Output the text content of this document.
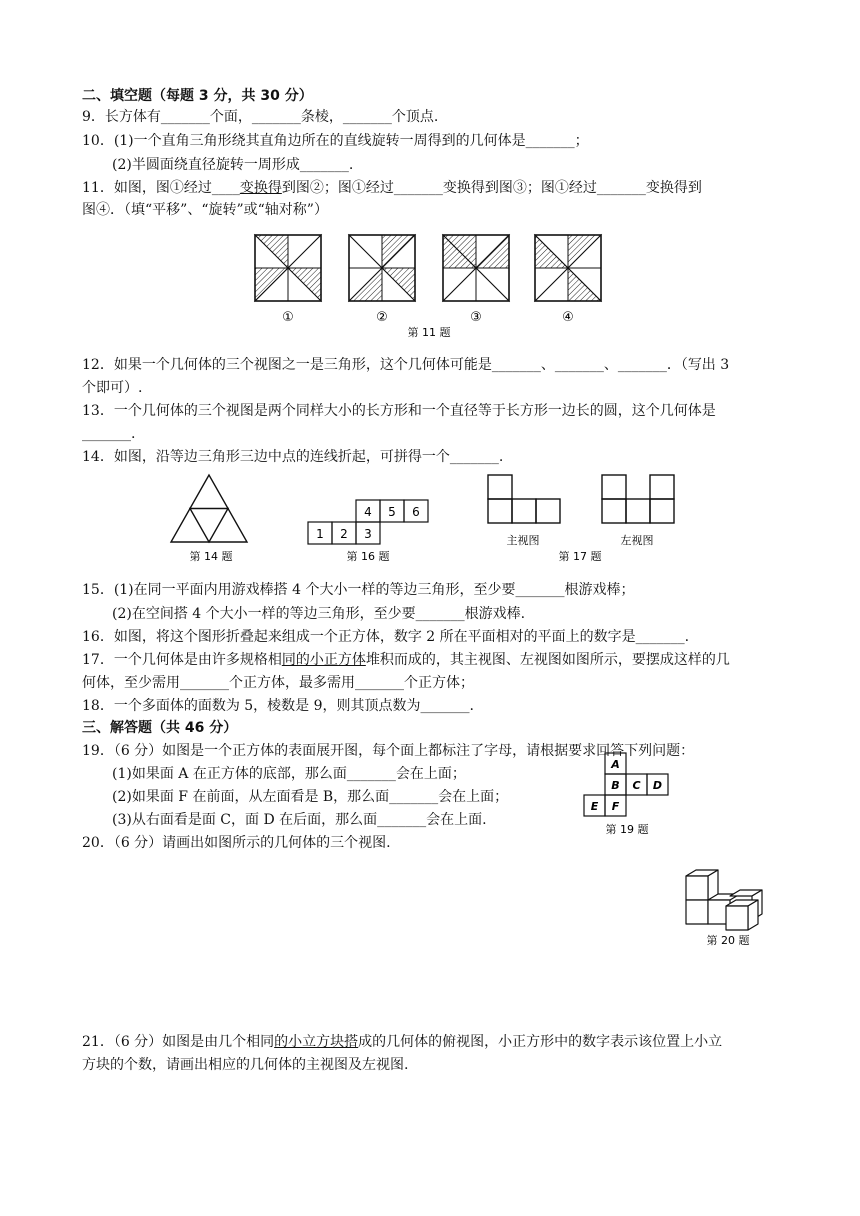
二、填空题（每题 3 分，共 30 分）
9．长方体有_______个面，_______条棱，_______个顶点.
10．(1)一个直角三角形绕其直角边所在的直线旋转一周得到的几何体是_______；
(2)半圆面绕直径旋转一周形成_______.
11．如图，图①经过____变换得到图②；图①经过_______变换得到图③；图①经过_______变换得到
图④．（填“平移”、“旋转”或“轴对称”）
①	②	③	④
第 11 题
12．如果一个几何体的三个视图之一是三角形，这个几何体可能是_______、_______、_______．（写出 3
个即可）.
13．一个几何体的三个视图是两个同样大小的长方形和一个直径等于长方形一边长的圆，这个几何体是
_______.
14．如图，沿等边三角形三边中点的连线折起，可拼得一个_______.
第 14 题
1 2 3
4 5 6
第 16 题
主视图	左视图
第 17 题
15．(1)在同一平面内用游戏棒搭 4 个大小一样的等边三角形，至少要_______根游戏棒；
(2)在空间搭 4 个大小一样的等边三角形，至少要_______根游戏棒.
16．如图，将这个图形折叠起来组成一个正方体，数字 2 所在平面相对的平面上的数字是_______.
17．一个几何体是由许多规格相同的小正方体堆积而成的，其主视图、左视图如图所示，要摆成这样的几
何体，至少需用_______个正方体，最多需用_______个正方体；
18．一个多面体的面数为 5，棱数是 9，则其顶点数为_______.
三、解答题（共 46 分）
19．（6 分）如图是一个正方体的表面展开图，每个面上都标注了字母，请根据要求回答下列问题：
(1)如果面 A 在正方体的底部，那么面_______会在上面；
(2)如果面 F 在前面，从左面看是 B，那么面_______会在上面；
(3)从右面看是面 C，面 D 在后面，那么面_______会在上面.
A
B C D
E F
第 19 题
20．（6 分）请画出如图所示的几何体的三个视图.
第 20 题
21．（6 分）如图是由几个相同的小立方块搭成的几何体的俯视图，小正方形中的数字表示该位置上小立
方块的个数，请画出相应的几何体的主视图及左视图.
